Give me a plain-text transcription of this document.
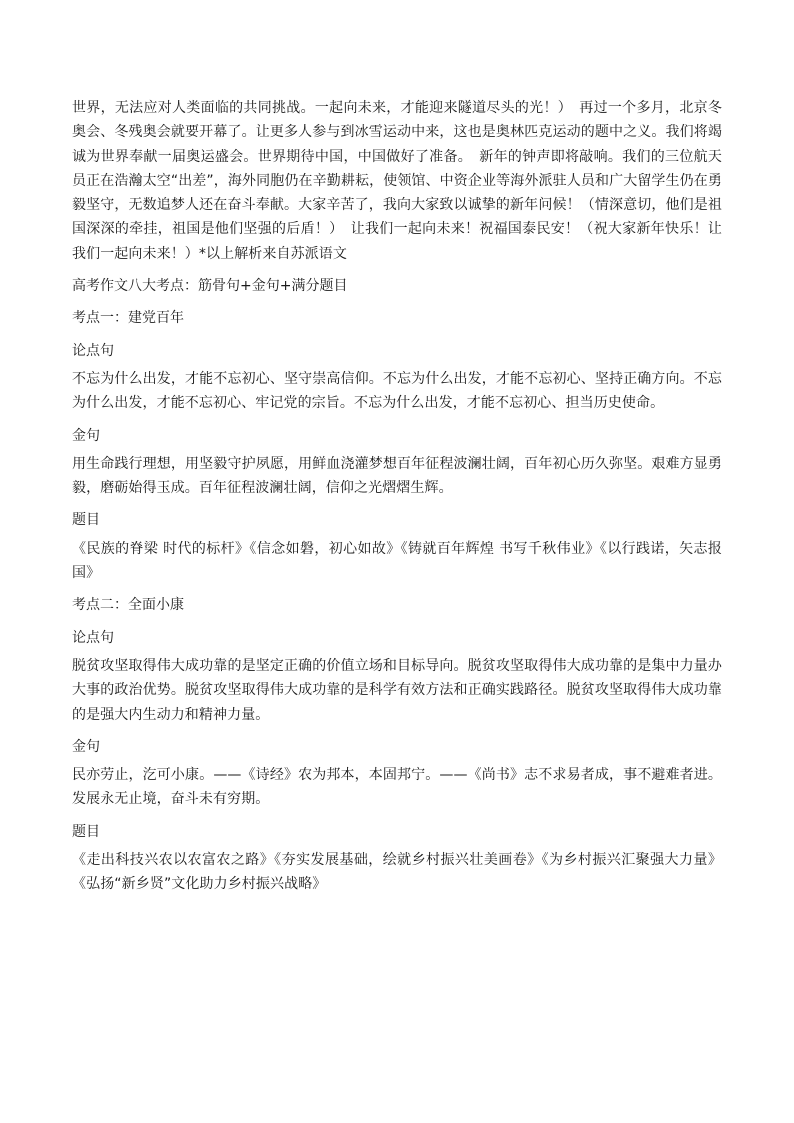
世界，无法应对人类面临的共同挑战。一起向未来，才能迎来隧道尽头的光！）　再过一个多月，北京冬奥会、冬残奥会就要开幕了。让更多人参与到冰雪运动中来，这也是奥林匹克运动的题中之义。我们将竭诚为世界奉献一届奥运盛会。世界期待中国，中国做好了准备。　新年的钟声即将敲响。我们的三位航天员正在浩瀚太空“出差”，海外同胞仍在辛勤耕耘，使领馆、中资企业等海外派驻人员和广大留学生仍在勇毅坚守，无数追梦人还在奋斗奉献。大家辛苦了，我向大家致以诚挚的新年问候！（情深意切，他们是祖国深深的牵挂，祖国是他们坚强的后盾！）　让我们一起向未来！祝福国泰民安！（祝大家新年快乐！让我们一起向未来！）*以上解析来自苏派语文

高考作文八大考点：筋骨句+金句+满分题目

考点一：建党百年

论点句

不忘为什么出发，才能不忘初心、坚守崇高信仰。不忘为什么出发，才能不忘初心、坚持正确方向。不忘为什么出发，才能不忘初心、牢记党的宗旨。不忘为什么出发，才能不忘初心、担当历史使命。

金句

用生命践行理想，用坚毅守护夙愿，用鲜血浇灌梦想百年征程波澜壮阔，百年初心历久弥坚。艰难方显勇毅，磨砺始得玉成。百年征程波澜壮阔，信仰之光熠熠生辉。

题目

《民族的脊梁 时代的标杆》《信念如磐，初心如故》《铸就百年辉煌 书写千秋伟业》《以行践诺，矢志报国》

考点二：全面小康

论点句

脱贫攻坚取得伟大成功靠的是坚定正确的价值立场和目标导向。脱贫攻坚取得伟大成功靠的是集中力量办大事的政治优势。脱贫攻坚取得伟大成功靠的是科学有效方法和正确实践路径。脱贫攻坚取得伟大成功靠的是强大内生动力和精神力量。

金句

民亦劳止，汔可小康。——《诗经》农为邦本，本固邦宁。——《尚书》志不求易者成，事不避难者进。发展永无止境，奋斗未有穷期。

题目

《走出科技兴农以农富农之路》《夯实发展基础，绘就乡村振兴壮美画卷》《为乡村振兴汇聚强大力量》《弘扬“新乡贤”文化助力乡村振兴战略》
